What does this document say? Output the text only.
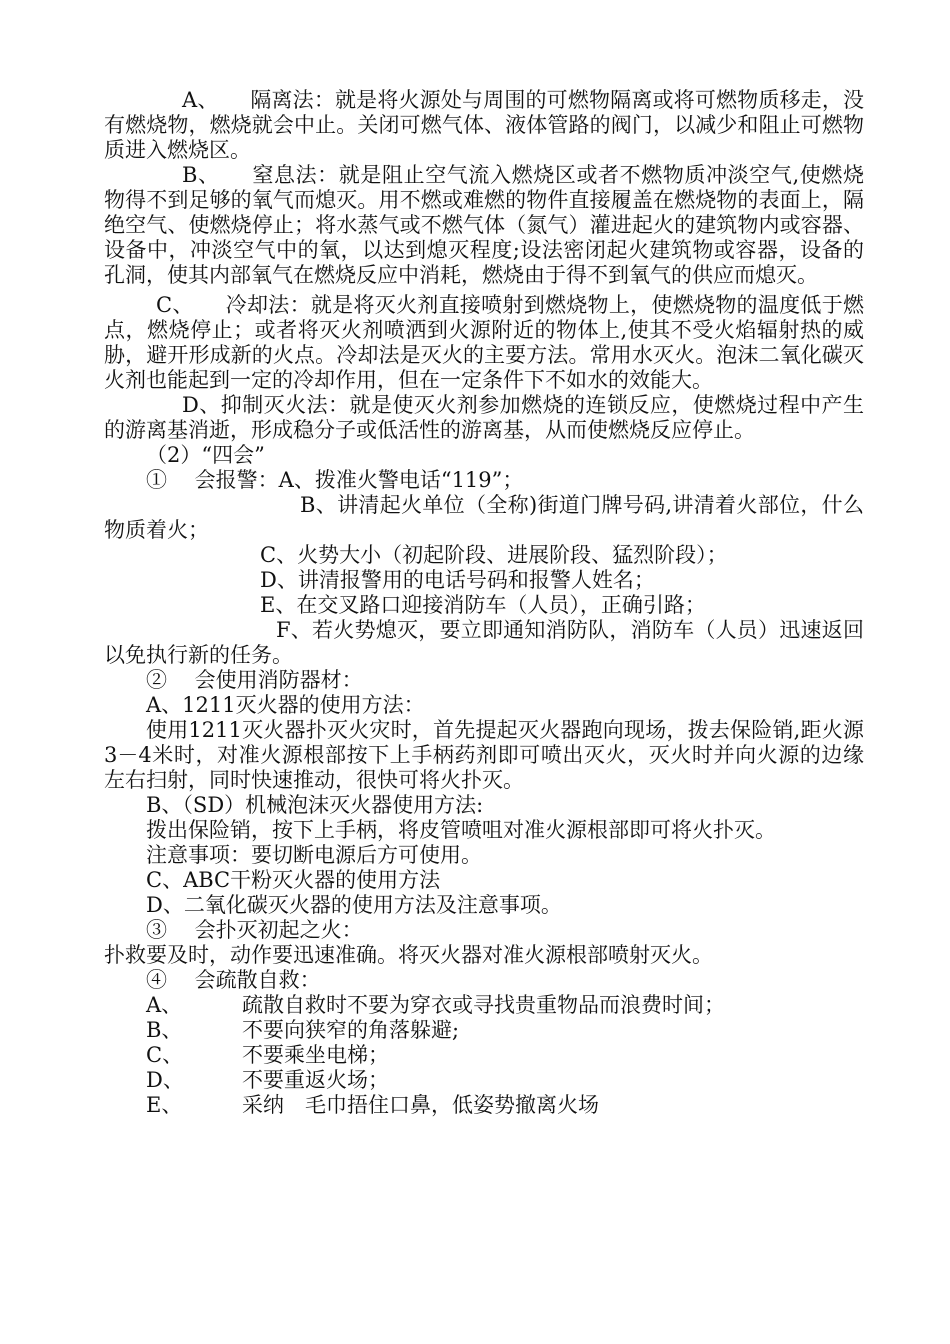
A、　　隔离法：就是将火源处与周围的可燃物隔离或将可燃物质移走，没有燃烧物，燃烧就会中止。关闭可燃气体、液体管路的阀门，以减少和阻止可燃物质进入燃烧区。

B、　　窒息法：就是阻止空气流入燃烧区或者不燃物质冲淡空气,使燃烧物得不到足够的氧气而熄灭。用不燃或难燃的物件直接履盖在燃烧物的表面上，隔绝空气、使燃烧停止；将水蒸气或不燃气体（氮气）灌进起火的建筑物内或容器、设备中，冲淡空气中的氧，以达到熄灭程度;设法密闭起火建筑物或容器，设备的孔洞，使其内部氧气在燃烧反应中消耗，燃烧由于得不到氧气的供应而熄灭。

C、　　冷却法：就是将灭火剂直接喷射到燃烧物上，使燃烧物的温度低于燃点，燃烧停止；或者将灭火剂喷洒到火源附近的物体上,使其不受火焰辐射热的威胁，避开形成新的火点。冷却法是灭火的主要方法。常用水灭火。泡沫二氧化碳灭火剂也能起到一定的冷却作用，但在一定条件下不如水的效能大。

D、抑制灭火法：就是使灭火剂参加燃烧的连锁反应，使燃烧过程中产生的游离基消逝，形成稳分子或低活性的游离基，从而使燃烧反应停止。

（2）“四会”

①　 会报警：A、拨准火警电话“119”；

B、讲清起火单位（全称)街道门牌号码,讲清着火部位，什么物质着火；

C、火势大小（初起阶段、进展阶段、猛烈阶段）；

D、讲清报警用的电话号码和报警人姓名；

E、在交叉路口迎接消防车（人员），正确引路；

F、若火势熄灭，要立即通知消防队，消防车（人员）迅速返回以免执行新的任务。

②　 会使用消防器材：

A、1211灭火器的使用方法：

使用1211灭火器扑灭火灾时，首先提起灭火器跑向现场，拨去保险销,距火源3－4米时，对准火源根部按下上手柄药剂即可喷出灭火，灭火时并向火源的边缘左右扫射，同时快速推动，很快可将火扑灭。

B、（SD）机械泡沫灭火器使用方法:

拨出保险销，按下上手柄，将皮管喷咀对准火源根部即可将火扑灭。

注意事项：要切断电源后方可使用。

C、ABC干粉灭火器的使用方法

D、二氧化碳灭火器的使用方法及注意事项。

③　 会扑灭初起之火：

扑救要及时，动作要迅速准确。将灭火器对准火源根部喷射灭火。

④　 会疏散自救：

A、	疏散自救时不要为穿衣或寻找贵重物品而浪费时间；
B、	不要向狭窄的角落躲避;
C、	不要乘坐电梯；
D、	不要重返火场；
E、	采纳　毛巾捂住口鼻，低姿势撤离火场
